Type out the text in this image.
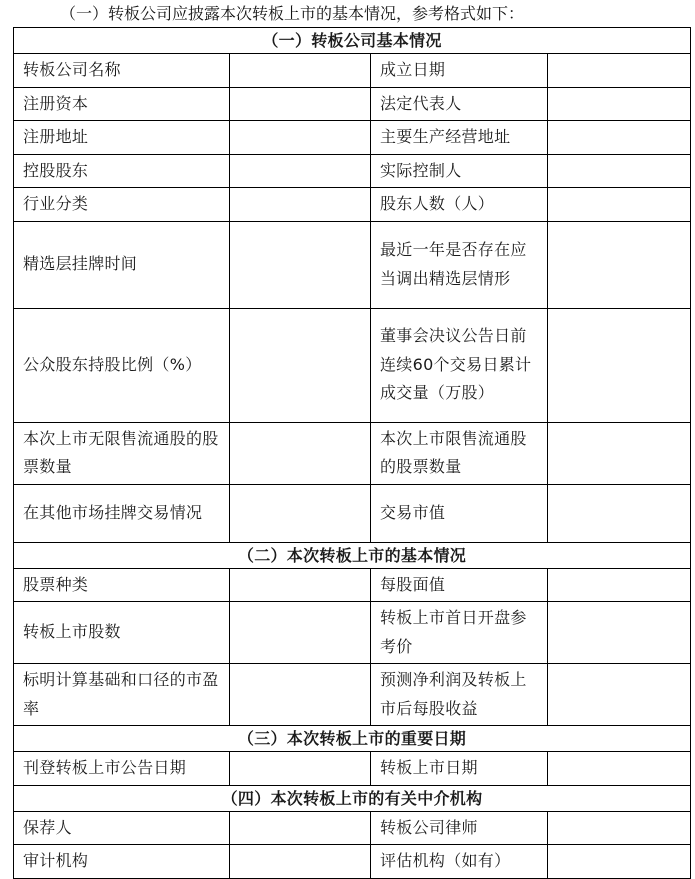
（一）转板公司应披露本次转板上市的基本情况，参考格式如下：
（一）转板公司基本情况			
转板公司名称		成立日期	
注册资本		法定代表人	
注册地址		主要生产经营地址	
控股股东		实际控制人	
行业分类		股东人数（人）	
精选层挂牌时间		最近一年是否存在应当调出精选层情形	
公众股东持股比例（%）		董事会决议公告日前连续60个交易日累计成交量（万股）	
本次上市无限售流通股的股票数量		本次上市限售流通股的股票数量	
在其他市场挂牌交易情况		交易市值	
（二）本次转板上市的基本情况			
股票种类		每股面值	
转板上市股数		转板上市首日开盘参考价	
标明计算基础和口径的市盈率		预测净利润及转板上市后每股收益	
（三）本次转板上市的重要日期			
刊登转板上市公告日期		转板上市日期	
（四）本次转板上市的有关中介机构			
保荐人		转板公司律师	
审计机构		评估机构（如有）	
